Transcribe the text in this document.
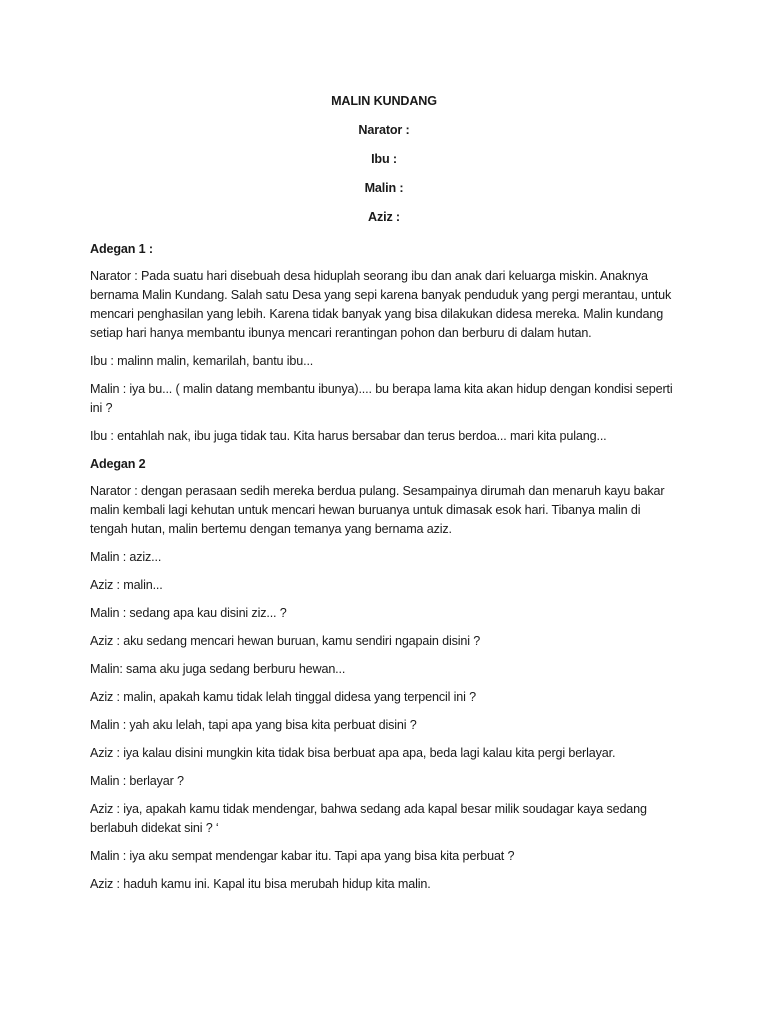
MALIN KUNDANG

Narator :

Ibu :

Malin :

Aziz :

Adegan 1 :

Narator : Pada suatu hari disebuah desa hiduplah seorang ibu dan anak dari keluarga miskin. Anaknya bernama Malin Kundang. Salah satu Desa yang sepi karena banyak penduduk yang pergi merantau, untuk mencari penghasilan yang lebih. Karena tidak banyak yang bisa dilakukan didesa mereka. Malin kundang setiap hari hanya membantu ibunya mencari rerantingan pohon dan berburu di dalam hutan.

Ibu : malinn malin, kemarilah, bantu ibu...

Malin : iya bu... ( malin datang membantu ibunya).... bu berapa lama kita akan hidup dengan kondisi seperti ini ?

Ibu : entahlah nak, ibu juga tidak tau. Kita harus bersabar dan terus berdoa... mari kita pulang...

Adegan 2

Narator : dengan perasaan sedih mereka berdua pulang. Sesampainya dirumah dan menaruh kayu bakar malin kembali lagi kehutan untuk mencari hewan buruanya untuk dimasak esok hari. Tibanya malin di tengah hutan, malin bertemu dengan temanya yang bernama aziz.

Malin : aziz...

Aziz : malin...

Malin : sedang apa kau disini ziz... ?

Aziz : aku sedang mencari hewan buruan, kamu sendiri ngapain disini ?

Malin: sama aku juga sedang berburu hewan...

Aziz : malin, apakah kamu tidak lelah tinggal didesa yang terpencil ini ?

Malin : yah aku lelah, tapi apa yang bisa kita perbuat disini ?

Aziz : iya kalau disini mungkin kita tidak bisa berbuat apa apa, beda lagi kalau kita pergi berlayar.

Malin : berlayar ?

Aziz : iya, apakah kamu tidak mendengar, bahwa sedang ada kapal besar milik soudagar kaya sedang berlabuh didekat sini ? ‘

Malin : iya aku sempat mendengar kabar itu. Tapi apa yang bisa kita perbuat ?

Aziz : haduh kamu ini. Kapal itu bisa merubah hidup kita malin.
